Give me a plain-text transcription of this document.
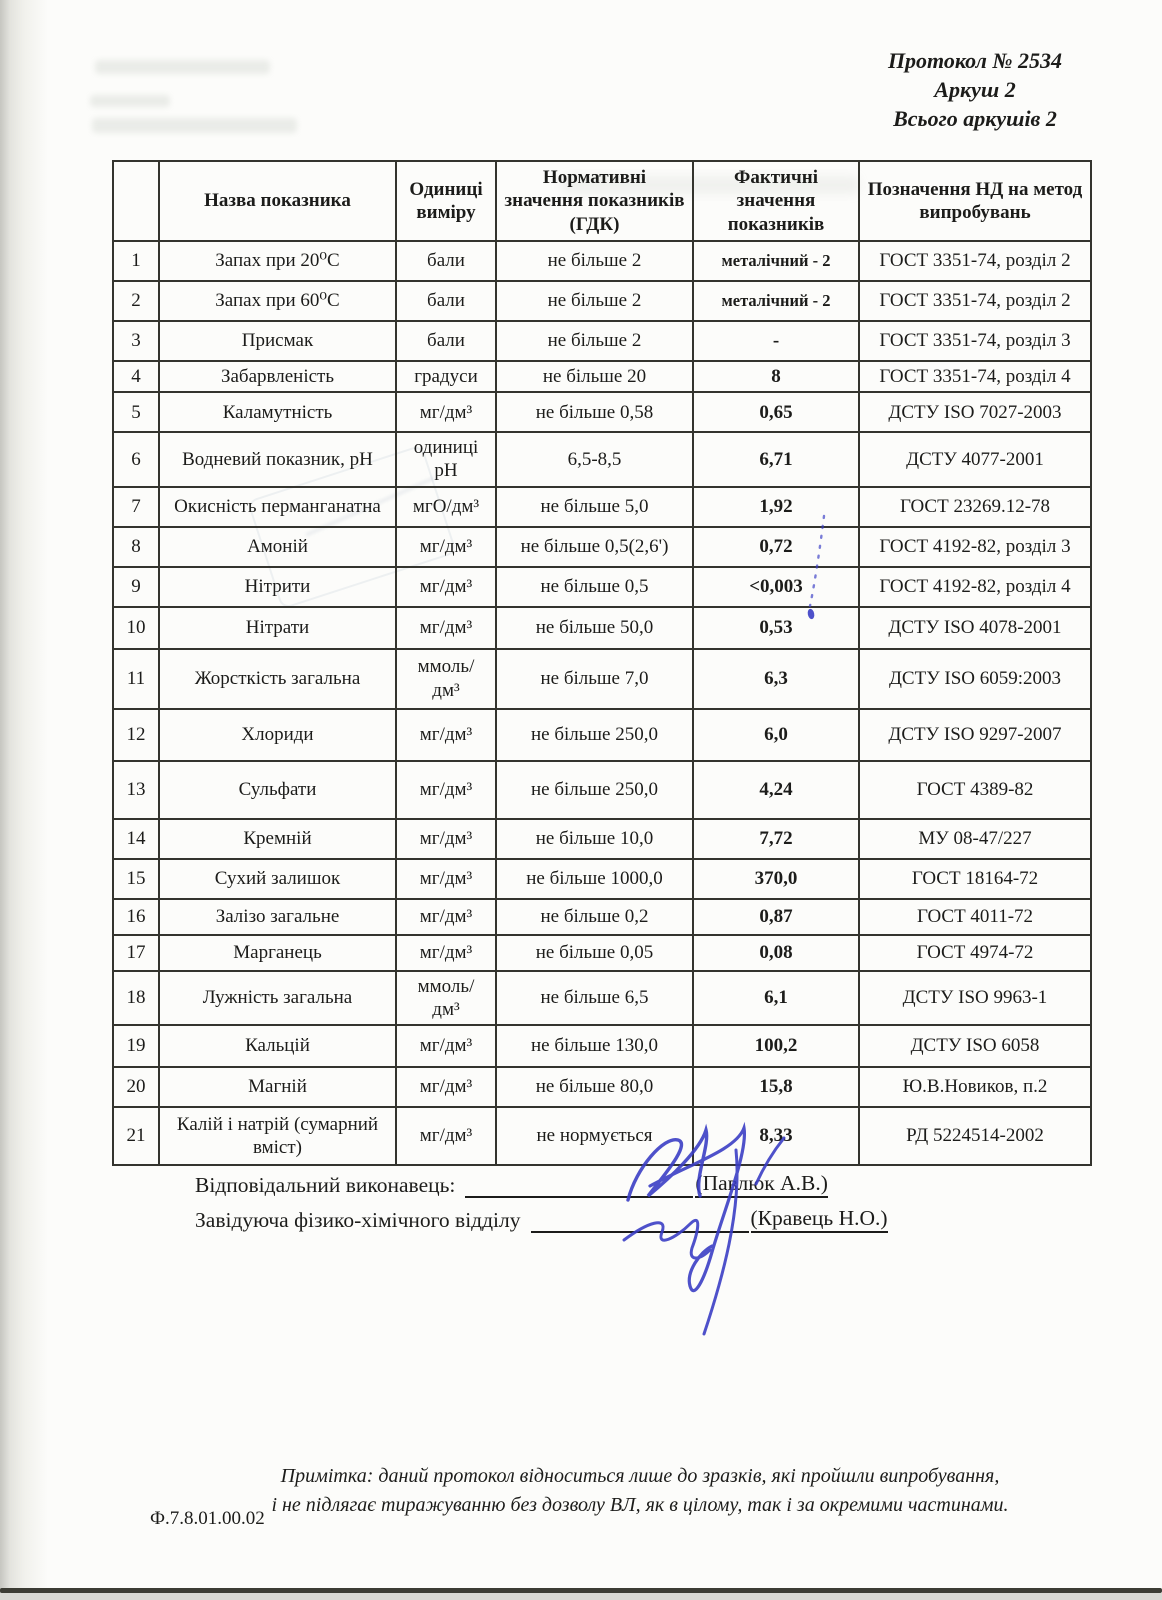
Протокол № 2534
Аркуш 2
Всього аркушів 2
	Назва показника	Одиниці виміру	Нормативні значення показників (ГДК)	Фактичні значення показників	Позначення НД на метод випробувань
1	Запах при 20⁰С	бали	не більше 2	металічний - 2	ГОСТ 3351-74, розділ 2
2	Запах при 60⁰С	бали	не більше 2	металічний - 2	ГОСТ 3351-74, розділ 2
3	Присмак	бали	не більше 2	-	ГОСТ 3351-74, розділ 3
4	Забарвленість	градуси	не більше 20	8	ГОСТ 3351-74, розділ 4
5	Каламутність	мг/дм³	не більше 0,58	0,65	ДСТУ ISO 7027-2003
6	Водневий показник, рН	одиниці рН	6,5-8,5	6,71	ДСТУ 4077-2001
7	Окисність перманганатна	мгО/дм³	не більше 5,0	1,92	ГОСТ 23269.12-78
8	Амоній	мг/дм³	не більше 0,5(2,6')	0,72	ГОСТ 4192-82, розділ 3
9	Нітрити	мг/дм³	не більше 0,5	<0,003	ГОСТ 4192-82, розділ 4
10	Нітрати	мг/дм³	не більше 50,0	0,53	ДСТУ ISO 4078-2001
11	Жорсткість загальна	ммоль/ дм³	не більше 7,0	6,3	ДСТУ ISO 6059:2003
12	Хлориди	мг/дм³	не більше 250,0	6,0	ДСТУ ISO 9297-2007
13	Сульфати	мг/дм³	не більше 250,0	4,24	ГОСТ 4389-82
14	Кремній	мг/дм³	не більше 10,0	7,72	МУ 08-47/227
15	Сухий залишок	мг/дм³	не більше 1000,0	370,0	ГОСТ 18164-72
16	Залізо загальне	мг/дм³	не більше 0,2	0,87	ГОСТ 4011-72
17	Марганець	мг/дм³	не більше 0,05	0,08	ГОСТ 4974-72
18	Лужність загальна	ммоль/ дм³	не більше 6,5	6,1	ДСТУ ISO 9963-1
19	Кальцій	мг/дм³	не більше 130,0	100,2	ДСТУ ISO 6058
20	Магній	мг/дм³	не більше 80,0	15,8	Ю.В.Новиков, п.2
21	Калій і натрій (сумарний вміст)	мг/дм³	не нормується	8,33	РД 5224514-2002
Відповідальний виконавець:	(Павлюк А.В.)
Завідуюча фізико-хімічного відділу	(Кравець Н.О.)
Примітка: даний протокол відноситься лише до зразків, які пройшли випробування,
і не підлягає тиражуванню без дозволу ВЛ, як в цілому, так і за окремими частинами.
Ф.7.8.01.00.02
